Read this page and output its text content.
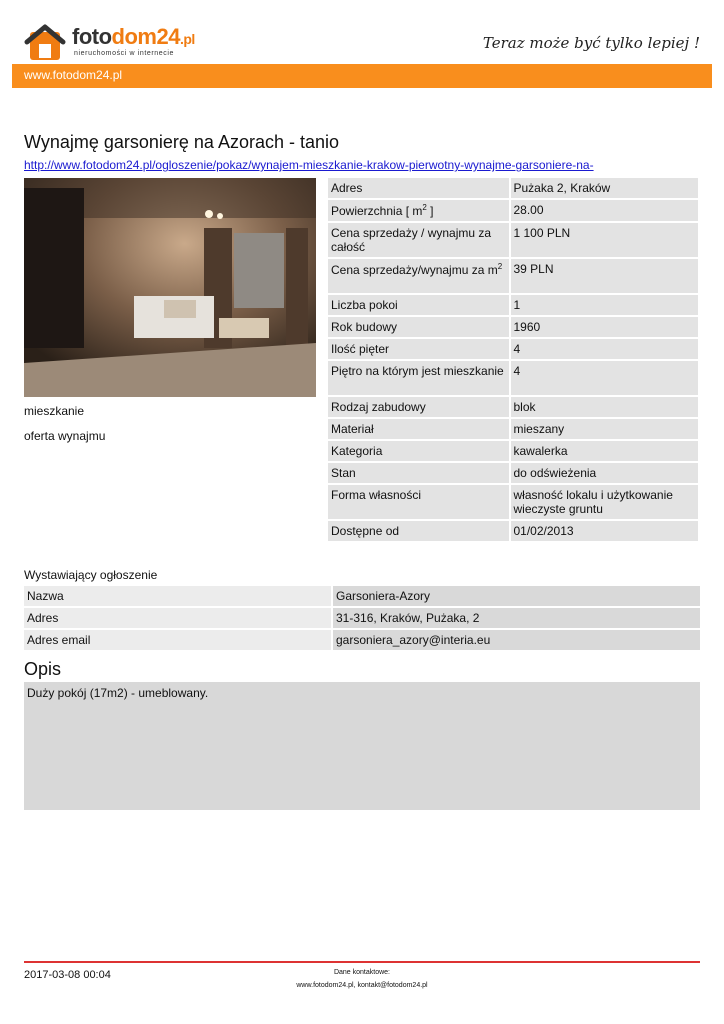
fotodom24.pl
nieruchomości w internecie
Teraz może być tylko lepiej !
www.fotodom24.pl
Wynajmę garsonierę na Azorach - tanio
http://www.fotodom24.pl/ogloszenie/pokaz/wynajem-mieszkanie-krakow-pierwotny-wynajme-garsoniere-na-
mieszkanie
oferta wynajmu
Adres	Pużaka 2, Kraków
Powierzchnia [ $m^2$ ]	28.00
Cena sprzedaży / wynajmu za całość	1 100 PLN
Cena sprzedaży/wynajmu za $m^2$	39 PLN
Liczba pokoi	1
Rok budowy	1960
Ilość pięter	4
Piętro na którym jest mieszkanie	4
Rodzaj zabudowy	blok
Materiał	mieszany
Kategoria	kawalerka
Stan	do odświeżenia
Forma własności	własność lokalu i użytkowanie wieczyste gruntu
Dostępne od	01/02/2013
Wystawiający ogłoszenie
Nazwa	Garsoniera-Azory
Adres	31-316, Kraków, Pużaka, 2
Adres email	garsoniera_azory@interia.eu
Opis
Duży pokój (17m2) - umeblowany.
2017-03-08 00:04	Dane kontaktowe:
www.fotodom24.pl, kontakt@fotodom24.pl
